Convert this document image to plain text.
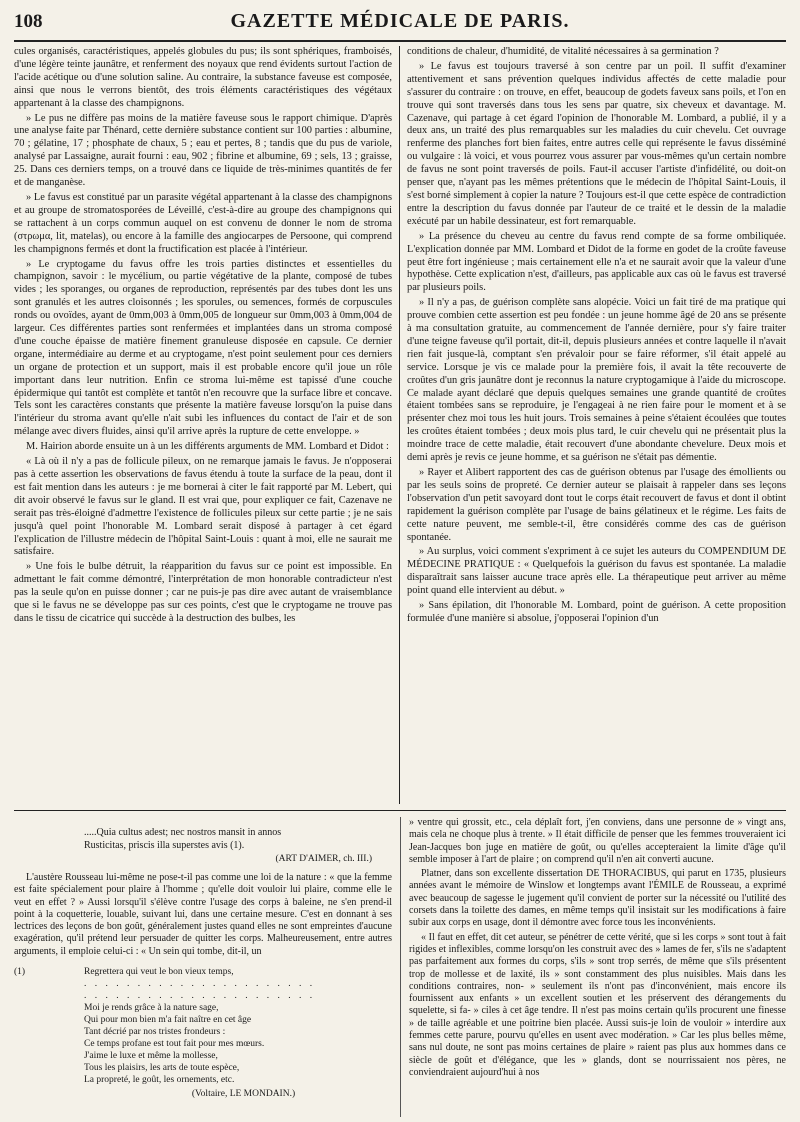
108	GAZETTE MÉDICALE DE PARIS.

cules organisés, caractéristiques, appelés globules du pus; ils sont sphériques, framboisés, d'une légère teinte jaunâtre, et renferment des noyaux que rend évidents surtout l'action de l'acide acétique ou d'une solution saline. Au contraire, la substance faveuse est composée, ainsi que nous le verrons bientôt, des trois éléments caractéristiques des végétaux appartenant à la classe des champignons.

» Le pus ne diffère pas moins de la matière faveuse sous le rapport chimique. D'après une analyse faite par Thénard, cette dernière substance contient sur 100 parties : albumine, 70 ; gélatine, 17 ; phosphate de chaux, 5 ; eau et pertes, 8 ; tandis que du pus de variole, analysé par Lassaigne, aurait fourni : eau, 902 ; fibrine et albumine, 69 ; sels, 13 ; graisse, 25. Dans ces derniers temps, on a trouvé dans ce liquide de très-minimes quantités de fer et de manganèse.

» Le favus est constitué par un parasite végétal appartenant à la classe des champignons et au groupe de stromatosporées de Léveillé, c'est-à-dire au groupe des champignons qui se rattachent à un corps commun auquel on est convenu de donner le nom de stroma (στρωμα, lit, matelas), ou encore à la famille des angiocarpes de Persoone, qui comprend les champignons fermés et dont la fructification est placée à l'intérieur.

» Le cryptogame du favus offre les trois parties distinctes et essentielles du champignon, savoir : le mycélium, ou partie végétative de la plante, composé de tubes vides ; les sporanges, ou organes de reproduction, représentés par des tubes dont les uns sont granulés et les autres cloisonnés ; les sporules, ou semences, formés de corpuscules ronds ou ovoïdes, ayant de 0mm,003 à 0mm,005 de longueur sur 0mm,003 à 0mm,004 de largeur. Ces différentes parties sont renfermées et implantées dans un stroma composé d'une couche épaisse de matière finement granuleuse disposée en capsule. Ce dernier organe, intermédiaire au derme et au cryptogame, n'est point seulement pour ces derniers un organe de protection et un support, mais il est probable encore qu'il joue un rôle important dans leur nutrition. Enfin ce stroma lui-même est tapissé d'une couche épidermique qui tantôt est complète et tantôt n'en recouvre que la surface libre et concave. Tels sont les caractères constants que présente la matière faveuse lorsqu'on la puise dans l'intérieur du stroma avant qu'elle n'ait subi les influences du contact de l'air et de son mélange avec divers fluides, ainsi qu'il arrive après la rupture de cette enveloppe. »

M. Hairion aborde ensuite un à un les différents arguments de MM. Lombard et Didot :

« Là où il n'y a pas de follicule pileux, on ne remarque jamais le favus. Je n'opposerai pas à cette assertion les observations de favus étendu à toute la surface de la peau, dont il est fait mention dans les auteurs : je me bornerai à citer le fait rapporté par M. Lebert, qui dit avoir observé le favus sur le gland. Il est vrai que, pour expliquer ce fait, Cazenave ne serait pas très-éloigné d'admettre l'existence de follicules pileux sur cette partie ; je ne sais jusqu'à quel point l'honorable M. Lombard serait disposé à partager à cet égard l'explication de l'illustre médecin de l'hôpital Saint-Louis : quant à moi, elle ne saurait me satisfaire.

» Une fois le bulbe détruit, la réapparition du favus sur ce point est impossible. En admettant le fait comme démontré, l'interprétation de mon honorable contradicteur n'est pas la seule qu'on en puisse donner ; car ne puis-je pas dire avec autant de vraisemblance que si le favus ne se développe pas sur ces points, c'est que le cryptogame ne trouve pas dans le tissu de cicatrice qui succède à la destruction des bulbes, les

conditions de chaleur, d'humidité, de vitalité nécessaires à sa germination ?

» Le favus est toujours traversé à son centre par un poil. Il suffit d'examiner attentivement et sans prévention quelques individus affectés de cette maladie pour s'assurer du contraire : on trouve, en effet, beaucoup de godets faveux sans poils, et l'on en trouve qui sont traversés dans tous les sens par quatre, six cheveux et davantage. M. Cazenave, qui partage à cet égard l'opinion de l'honorable M. Lombard, a publié, il y a deux ans, un traité des plus remarquables sur les maladies du cuir chevelu. Cet ouvrage renferme des planches fort bien faites, entre autres celle qui représente le favus disséminé ou vulgaire : là voici, et vous pourrez vous assurer par vous-mêmes qu'un certain nombre de favus ne sont point traversés de poils. Faut-il accuser l'artiste d'infidélité, ou doit-on penser que, n'ayant pas les mêmes prétentions que le médecin de l'hôpital Saint-Louis, il s'est borné simplement à copier la nature ? Toujours est-il que cette espèce de contradiction entre la description du favus donnée par l'auteur de ce traité et le dessin de la maladie exécuté par un habile dessinateur, est fort remarquable.

» La présence du cheveu au centre du favus rend compte de sa forme ombiliquée. L'explication donnée par MM. Lombard et Didot de la forme en godet de la croûte faveuse peut être fort ingénieuse ; mais certainement elle n'a et ne saurait avoir que la valeur d'une hypothèse. Cette explication n'est, d'ailleurs, pas applicable aux cas où le favus est traversé par plusieurs poils.

» Il n'y a pas, de guérison complète sans alopécie. Voici un fait tiré de ma pratique qui prouve combien cette assertion est peu fondée : un jeune homme âgé de 20 ans se présente à ma consultation gratuite, au commencement de l'année dernière, pour s'y faire traiter d'une teigne faveuse qu'il portait, dit-il, depuis plusieurs années et contre laquelle il n'avait rien fait jusque-là, comptant s'en prévaloir pour se faire réformer, s'il était appelé au service. Lorsque je vis ce malade pour la première fois, il avait la tête recouverte de croûtes d'un gris jaunâtre dont je reconnus la nature cryptogamique à l'aide du microscope. Ce malade ayant déclaré que depuis quelques semaines une grande quantité de croûtes étaient tombées sans se reproduire, je l'engageai à ne rien faire pour le moment et à se présenter chez moi tous les huit jours. Trois semaines à peine s'étaient écoulées que toutes les croûtes étaient tombées ; deux mois plus tard, le cuir chevelu qui ne présentait plus la moindre trace de cette maladie, était recouvert d'une abondante chevelure. Deux mois et demi après je revis ce jeune homme, et sa guérison ne s'était pas démentie.

» Rayer et Alibert rapportent des cas de guérison obtenus par l'usage des émollients ou par les seuls soins de propreté. Ce dernier auteur se plaisait à rappeler dans ses leçons l'observation d'un petit savoyard dont tout le corps était recouvert de favus et dont il obtint rapidement la guérison complète par l'usage de bains gélatineux et le régime. Les faits de cette nature peuvent, me semble-t-il, être considérés comme des cas de guérison spontanée.

» Au surplus, voici comment s'expriment à ce sujet les auteurs du COMPENDIUM DE MÉDECINE PRATIQUE : « Quelquefois la guérison du favus est spontanée. La maladie disparaîtrait sans laisser aucune trace après elle. La thérapeutique peut arriver au même point quand elle intervient au début. »

» Sans épilation, dit l'honorable M. Lombard, point de guérison. A cette proposition formulée d'une manière si absolue, j'opposerai l'opinion d'un

.....Quia cultus adest; nec nostros mansit in annos
Rusticitas, priscis illa superstes avis (1).
(ART D'AIMER, ch. III.)

L'austère Rousseau lui-même ne pose-t-il pas comme une loi de la nature : « que la femme est faite spécialement pour plaire à l'homme ; qu'elle doit vouloir lui plaire, comme elle le veut en effet ? » Aussi lorsqu'il s'élève contre l'usage des corps à baleine, ne s'en prend-il point à la coquetterie, louable, suivant lui, dans une certaine mesure. C'est en donnant à ses lectrices des leçons de bon goût, généralement justes quand elles ne sont empreintes d'aucune exagération, qu'il prétend leur persuader de quitter les corps. Malheureusement, entre autres arguments, il emploie celui-ci : « Un sein qui tombe, dit-il, un

(1)	Regrettera qui veut le bon vieux temps,
. . . . . . . . . . . . . . . . . . . . . .
. . . . . . . . . . . . . . . . . . . . . .
Moi je rends grâce à la nature sage,
Qui pour mon bien m'a fait naître en cet âge
Tant décrié par nos tristes frondeurs :
Ce temps profane est tout fait pour mes mœurs.
J'aime le luxe et même la mollesse,
Tous les plaisirs, les arts de toute espèce,
La propreté, le goût, les ornements, etc.
(Voltaire, LE MONDAIN.)

» ventre qui grossit, etc., cela déplaît fort, j'en conviens, dans une personne de » vingt ans, mais cela ne choque plus à trente. » Il était difficile de penser que les femmes trouveraient ici Jean-Jacques bon juge en matière de goût, ou qu'elles accepteraient la limite d'âge qu'il semble imposer à l'art de plaire ; on comprend qu'il n'en ait converti aucune.

Platner, dans son excellente dissertation DE THORACIBUS, qui parut en 1735, plusieurs années avant le mémoire de Winslow et longtemps avant l'ÉMILE de Rousseau, a exprimé avec beaucoup de sagesse le jugement qu'il convient de porter sur la nécessité ou l'utilité des corsets dans la toilette des dames, en même temps qu'il insistait sur les modifications à faire subir aux corps en usage, dont il démontre avec force tous les inconvénients.

« Il faut en effet, dit cet auteur, se pénétrer de cette vérité, que si les corps » sont tout à fait rigides et inflexibles, comme lorsqu'on les construit avec des » lames de fer, s'ils ne s'adaptent pas parfaitement aux formes du corps, s'ils » sont trop serrés, de même que s'ils présentent trop de mollesse et de laxité, ils » sont constamment des plus nuisibles. Mais dans les conditions contraires, non- » seulement ils n'ont pas d'inconvénient, mais encore ils fournissent aux enfants » un excellent soutien et les préservent des dérangements du squelette, si fa- » ciles à cet âge tendre. Il n'est pas moins certain qu'ils procurent une finesse » de taille agréable et une poitrine bien placée. Aussi suis-je loin de vouloir » interdire aux femmes cette parure, pourvu qu'elles en usent avec modération. » Car les plus belles même, sans nul doute, ne sont pas moins certaines de plaire » raient pas plus aux hommes dans ce siècle de goût et d'élégance, que les » glands, dont se nourrissaient nos pères, ne conviendraient aujourd'hui à nos
